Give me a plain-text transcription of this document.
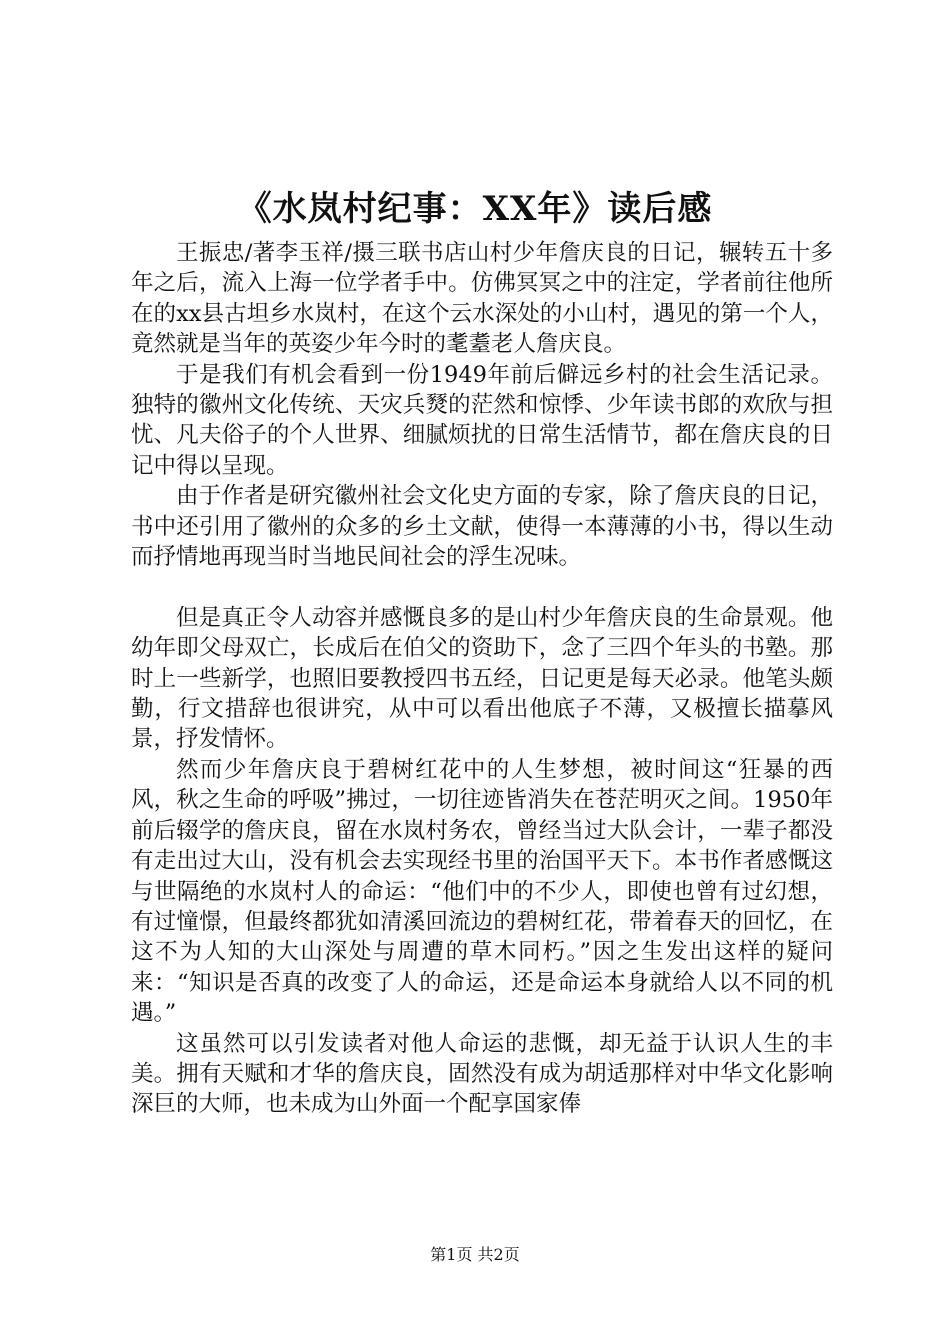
《水岚村纪事：XX年》读后感

王振忠/著李玉祥/摄三联书店山村少年詹庆良的日记，辗转五十多年之后，流入上海一位学者手中。仿佛冥冥之中的注定，学者前往他所在的xx县古坦乡水岚村，在这个云水深处的小山村，遇见的第一个人，竟然就是当年的英姿少年今时的耄耋老人詹庆良。

于是我们有机会看到一份1949年前后僻远乡村的社会生活记录。独特的徽州文化传统、天灾兵燹的茫然和惊悸、少年读书郎的欢欣与担忧、凡夫俗子的个人世界、细腻烦扰的日常生活情节，都在詹庆良的日记中得以呈现。

由于作者是研究徽州社会文化史方面的专家，除了詹庆良的日记，书中还引用了徽州的众多的乡土文献，使得一本薄薄的小书，得以生动而抒情地再现当时当地民间社会的浮生况味。

但是真正令人动容并感慨良多的是山村少年詹庆良的生命景观。他幼年即父母双亡，长成后在伯父的资助下，念了三四个年头的书塾。那时上一些新学，也照旧要教授四书五经，日记更是每天必录。他笔头颇勤，行文措辞也很讲究，从中可以看出他底子不薄，又极擅长描摹风景，抒发情怀。

然而少年詹庆良于碧树红花中的人生梦想，被时间这“狂暴的西风，秋之生命的呼吸”拂过，一切往迹皆消失在苍茫明灭之间。1950年前后辍学的詹庆良，留在水岚村务农，曾经当过大队会计，一辈子都没有走出过大山，没有机会去实现经书里的治国平天下。本书作者感慨这与世隔绝的水岚村人的命运：“他们中的不少人，即使也曾有过幻想，有过憧憬，但最终都犹如清溪回流边的碧树红花，带着春天的回忆，在这不为人知的大山深处与周遭的草木同朽。”因之生发出这样的疑问来：“知识是否真的改变了人的命运，还是命运本身就给人以不同的机遇。”

这虽然可以引发读者对他人命运的悲慨，却无益于认识人生的丰美。拥有天赋和才华的詹庆良，固然没有成为胡适那样对中华文化影响深巨的大师，也未成为山外面一个配享国家俸

第1页 共2页
